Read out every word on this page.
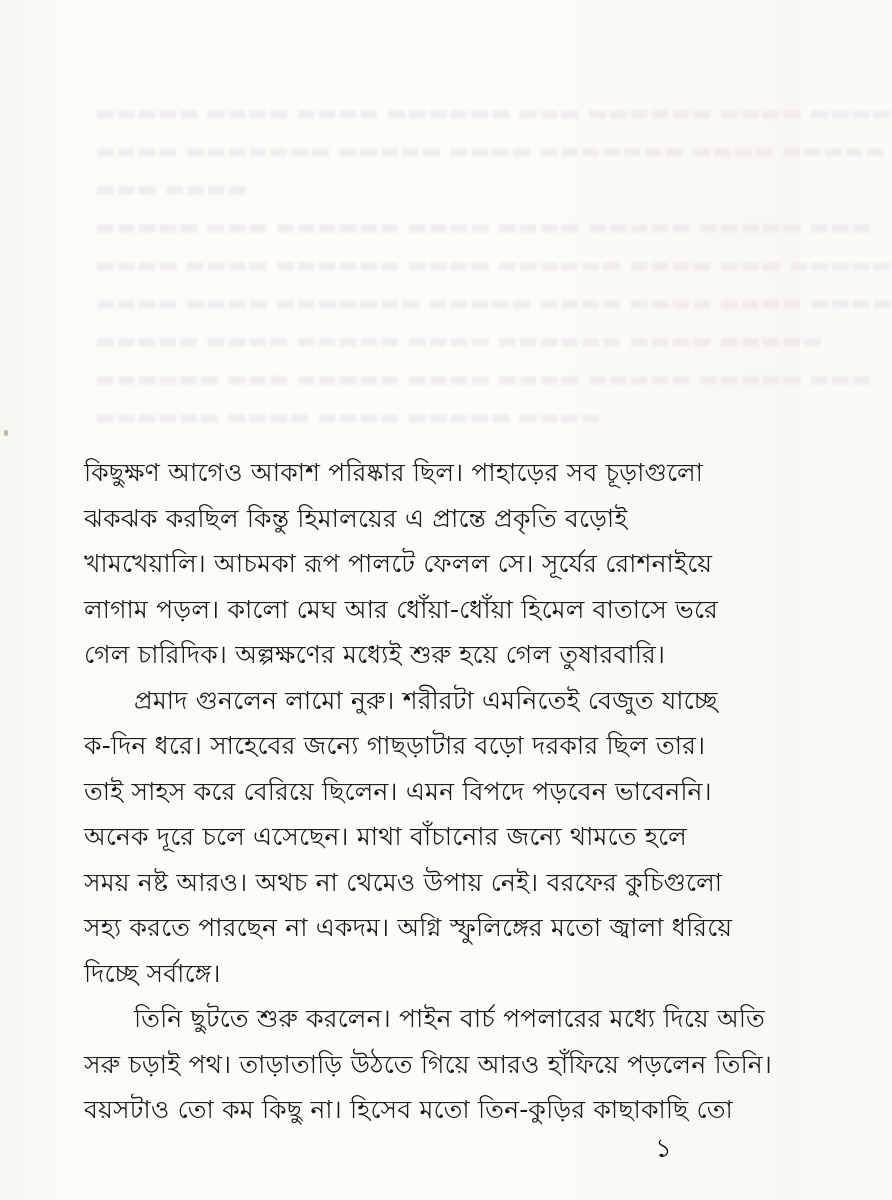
▬▬▬▬▬ ▬▬▬▬ ▬▬▬▬ ▬▬▬▬▬▬ ▬▬▬ ▬▬▬▬▬▬ ▬▬▬▬ ▬▬▬▬
▬▬▬▬ ▬▬▬▬▬▬▬ ▬▬▬▬▬ ▬▬▬▬ ▬▬▬▬▬▬▬ ▬▬▬▬ ▬▬▬▬▬
▬▬▬ ▬▬▬▬
▬▬▬▬▬ ▬▬▬ ▬▬▬▬▬▬ ▬▬▬▬ ▬▬▬▬ ▬▬▬▬▬ ▬▬▬▬▬ ▬▬▬
▬▬▬▬ ▬▬▬▬ ▬▬▬▬▬▬ ▬▬▬▬ ▬▬▬▬▬▬ ▬▬▬▬ ▬▬▬ ▬▬▬▬▬
▬▬▬▬ ▬▬▬▬ ▬▬▬▬▬▬▬ ▬▬▬▬▬ ▬▬▬▬ ▬▬▬▬ ▬▬▬▬ ▬▬▬▬
▬▬▬▬▬ ▬▬▬▬ ▬▬▬▬▬ ▬▬▬▬ ▬▬▬▬▬▬ ▬▬▬▬ ▬▬▬▬▬
▬▬▬▬▬▬ ▬▬▬ ▬▬▬▬▬ ▬▬▬▬ ▬▬▬▬ ▬▬▬▬▬ ▬▬▬▬▬ ▬▬▬
▬▬▬▬▬▬ ▬▬▬▬ ▬▬▬▬ ▬▬▬▬▬ ▬▬▬▬
কিছুক্ষণ আগেও আকাশ পরিষ্কার ছিল। পাহাড়ের সব চূড়াগুলো
ঝকঝক করছিল কিন্তু হিমালয়ের এ প্রান্তে প্রকৃতি বড়োই
খামখেয়ালি। আচমকা রূপ পালটে ফেলল সে। সূর্যের রোশনাইয়ে
লাগাম পড়ল। কালো মেঘ আর ধোঁয়া-ধোঁয়া হিমেল বাতাসে ভরে
গেল চারিদিক। অল্পক্ষণের মধ্যেই শুরু হয়ে গেল তুষারবারি।
প্রমাদ গুনলেন লামো নুরু। শরীরটা এমনিতেই বেজুত যাচ্ছে
ক-দিন ধরে। সাহেবের জন্যে গাছড়াটার বড়ো দরকার ছিল তার।
তাই সাহস করে বেরিয়ে ছিলেন। এমন বিপদে পড়বেন ভাবেননি।
অনেক দূরে চলে এসেছেন। মাথা বাঁচানোর জন্যে থামতে হলে
সময় নষ্ট আরও। অথচ না থেমেও উপায় নেই। বরফের কুচিগুলো
সহ্য করতে পারছেন না একদম। অগ্নি স্ফুলিঙ্গের মতো জ্বালা ধরিয়ে
দিচ্ছে সর্বাঙ্গে।
তিনি ছুটতে শুরু করলেন। পাইন বার্চ পপলারের মধ্যে দিয়ে অতি
সরু চড়াই পথ। তাড়াতাড়ি উঠতে গিয়ে আরও হাঁফিয়ে পড়লেন তিনি।
বয়সটাও তো কম কিছু না। হিসেব মতো তিন-কুড়ির কাছাকাছি তো
১
